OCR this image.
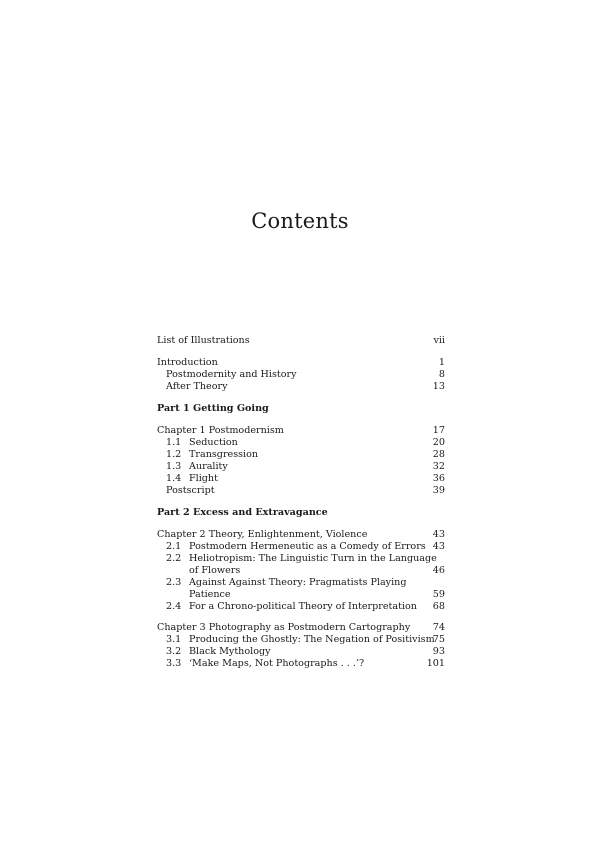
Contents
List of Illustrations	vii
Introduction	1
Postmodernity and History	8
After Theory	13
Part 1 Getting Going
Chapter 1 Postmodernism	17
1.1 Seduction	20
1.2 Transgression	28
1.3 Aurality	32
1.4 Flight	36
Postscript	39
Part 2 Excess and Extravagance
Chapter 2 Theory, Enlightenment, Violence	43
2.1 Postmodern Hermeneutic as a Comedy of Errors 43
2.2 Heliotropism: The Linguistic Turn in the Language
of Flowers	46
2.3 Against Against Theory: Pragmatists Playing
Patience	59
2.4 For a Chrono-political Theory of Interpretation 68
Chapter 3 Photography as Postmodern Cartography 74
3.1 Producing the Ghostly: The Negation of Positivism
75
3.2 Black Mythology	93
3.3 ‘Make Maps, Not Photographs . . .’?	101
